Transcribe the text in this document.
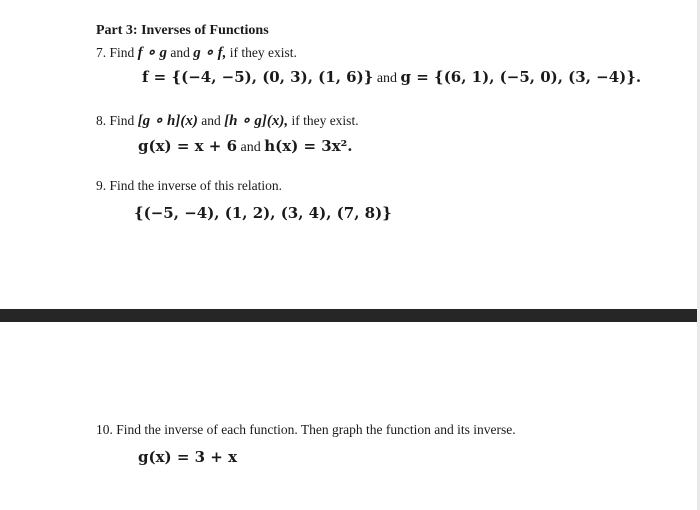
Part 3: Inverses of Functions
7. Find f ∘ g and g ∘ f, if they exist.
f = {(−4, −5), (0, 3), (1, 6)} and g = {(6, 1), (−5, 0), (3, −4)}.
8. Find [g ∘ h](x) and [h ∘ g](x), if they exist.
g(x) = x + 6 and h(x) = 3x².
9. Find the inverse of this relation.
{(−5, −4), (1, 2), (3, 4), (7, 8)}
10. Find the inverse of each function. Then graph the function and its inverse.
g(x) = 3 + x
